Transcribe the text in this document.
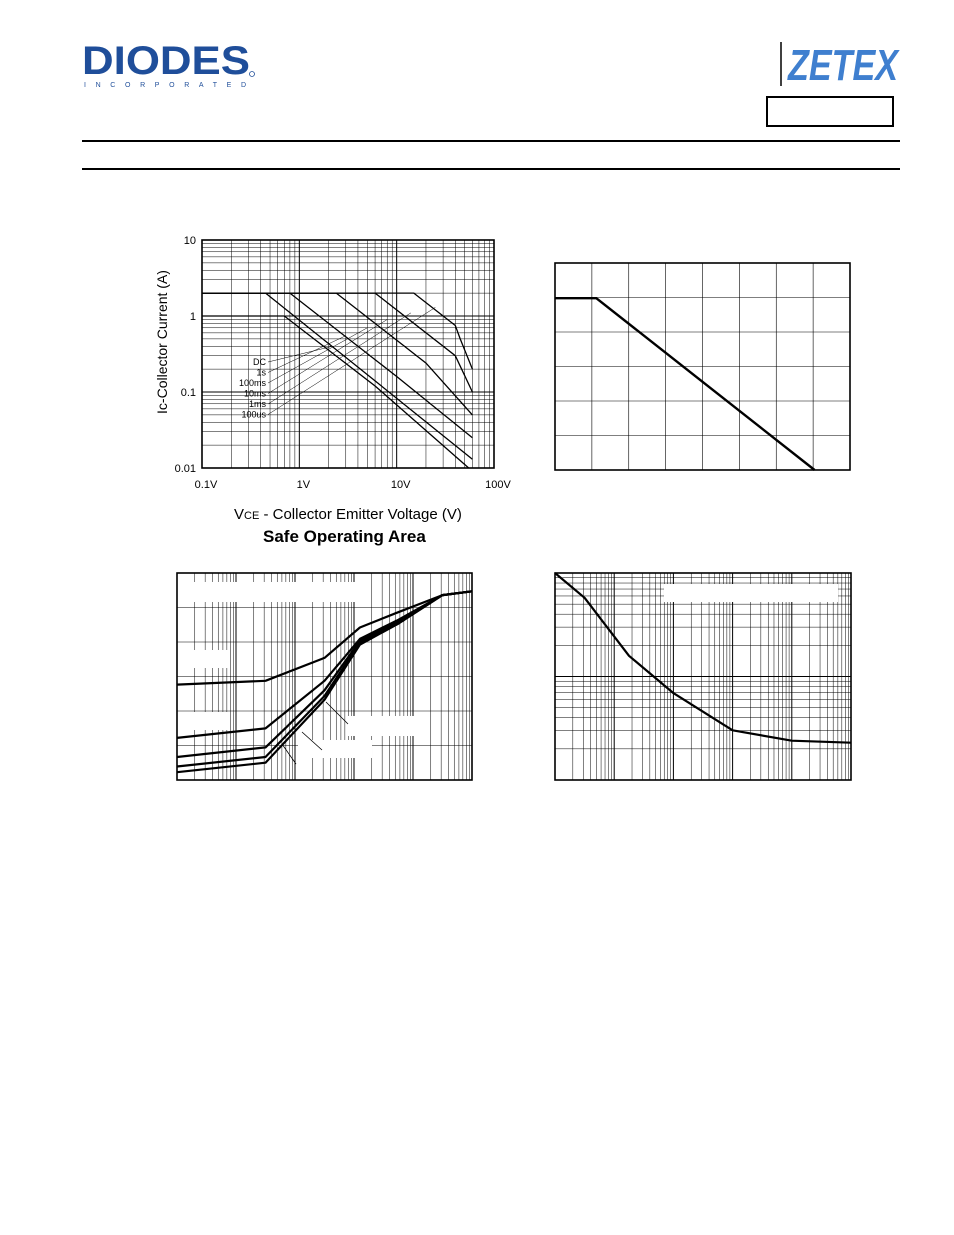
DIODES
INCORPORATED	ZETEX
10
1
0.1
0.01
0.1V	1V	10V	100V
Ic-Collector Current (A)	DC
1s
100ms
10ms
1ms
100us
VCE - Collector Emitter Voltage (V)
Safe Operating Area
